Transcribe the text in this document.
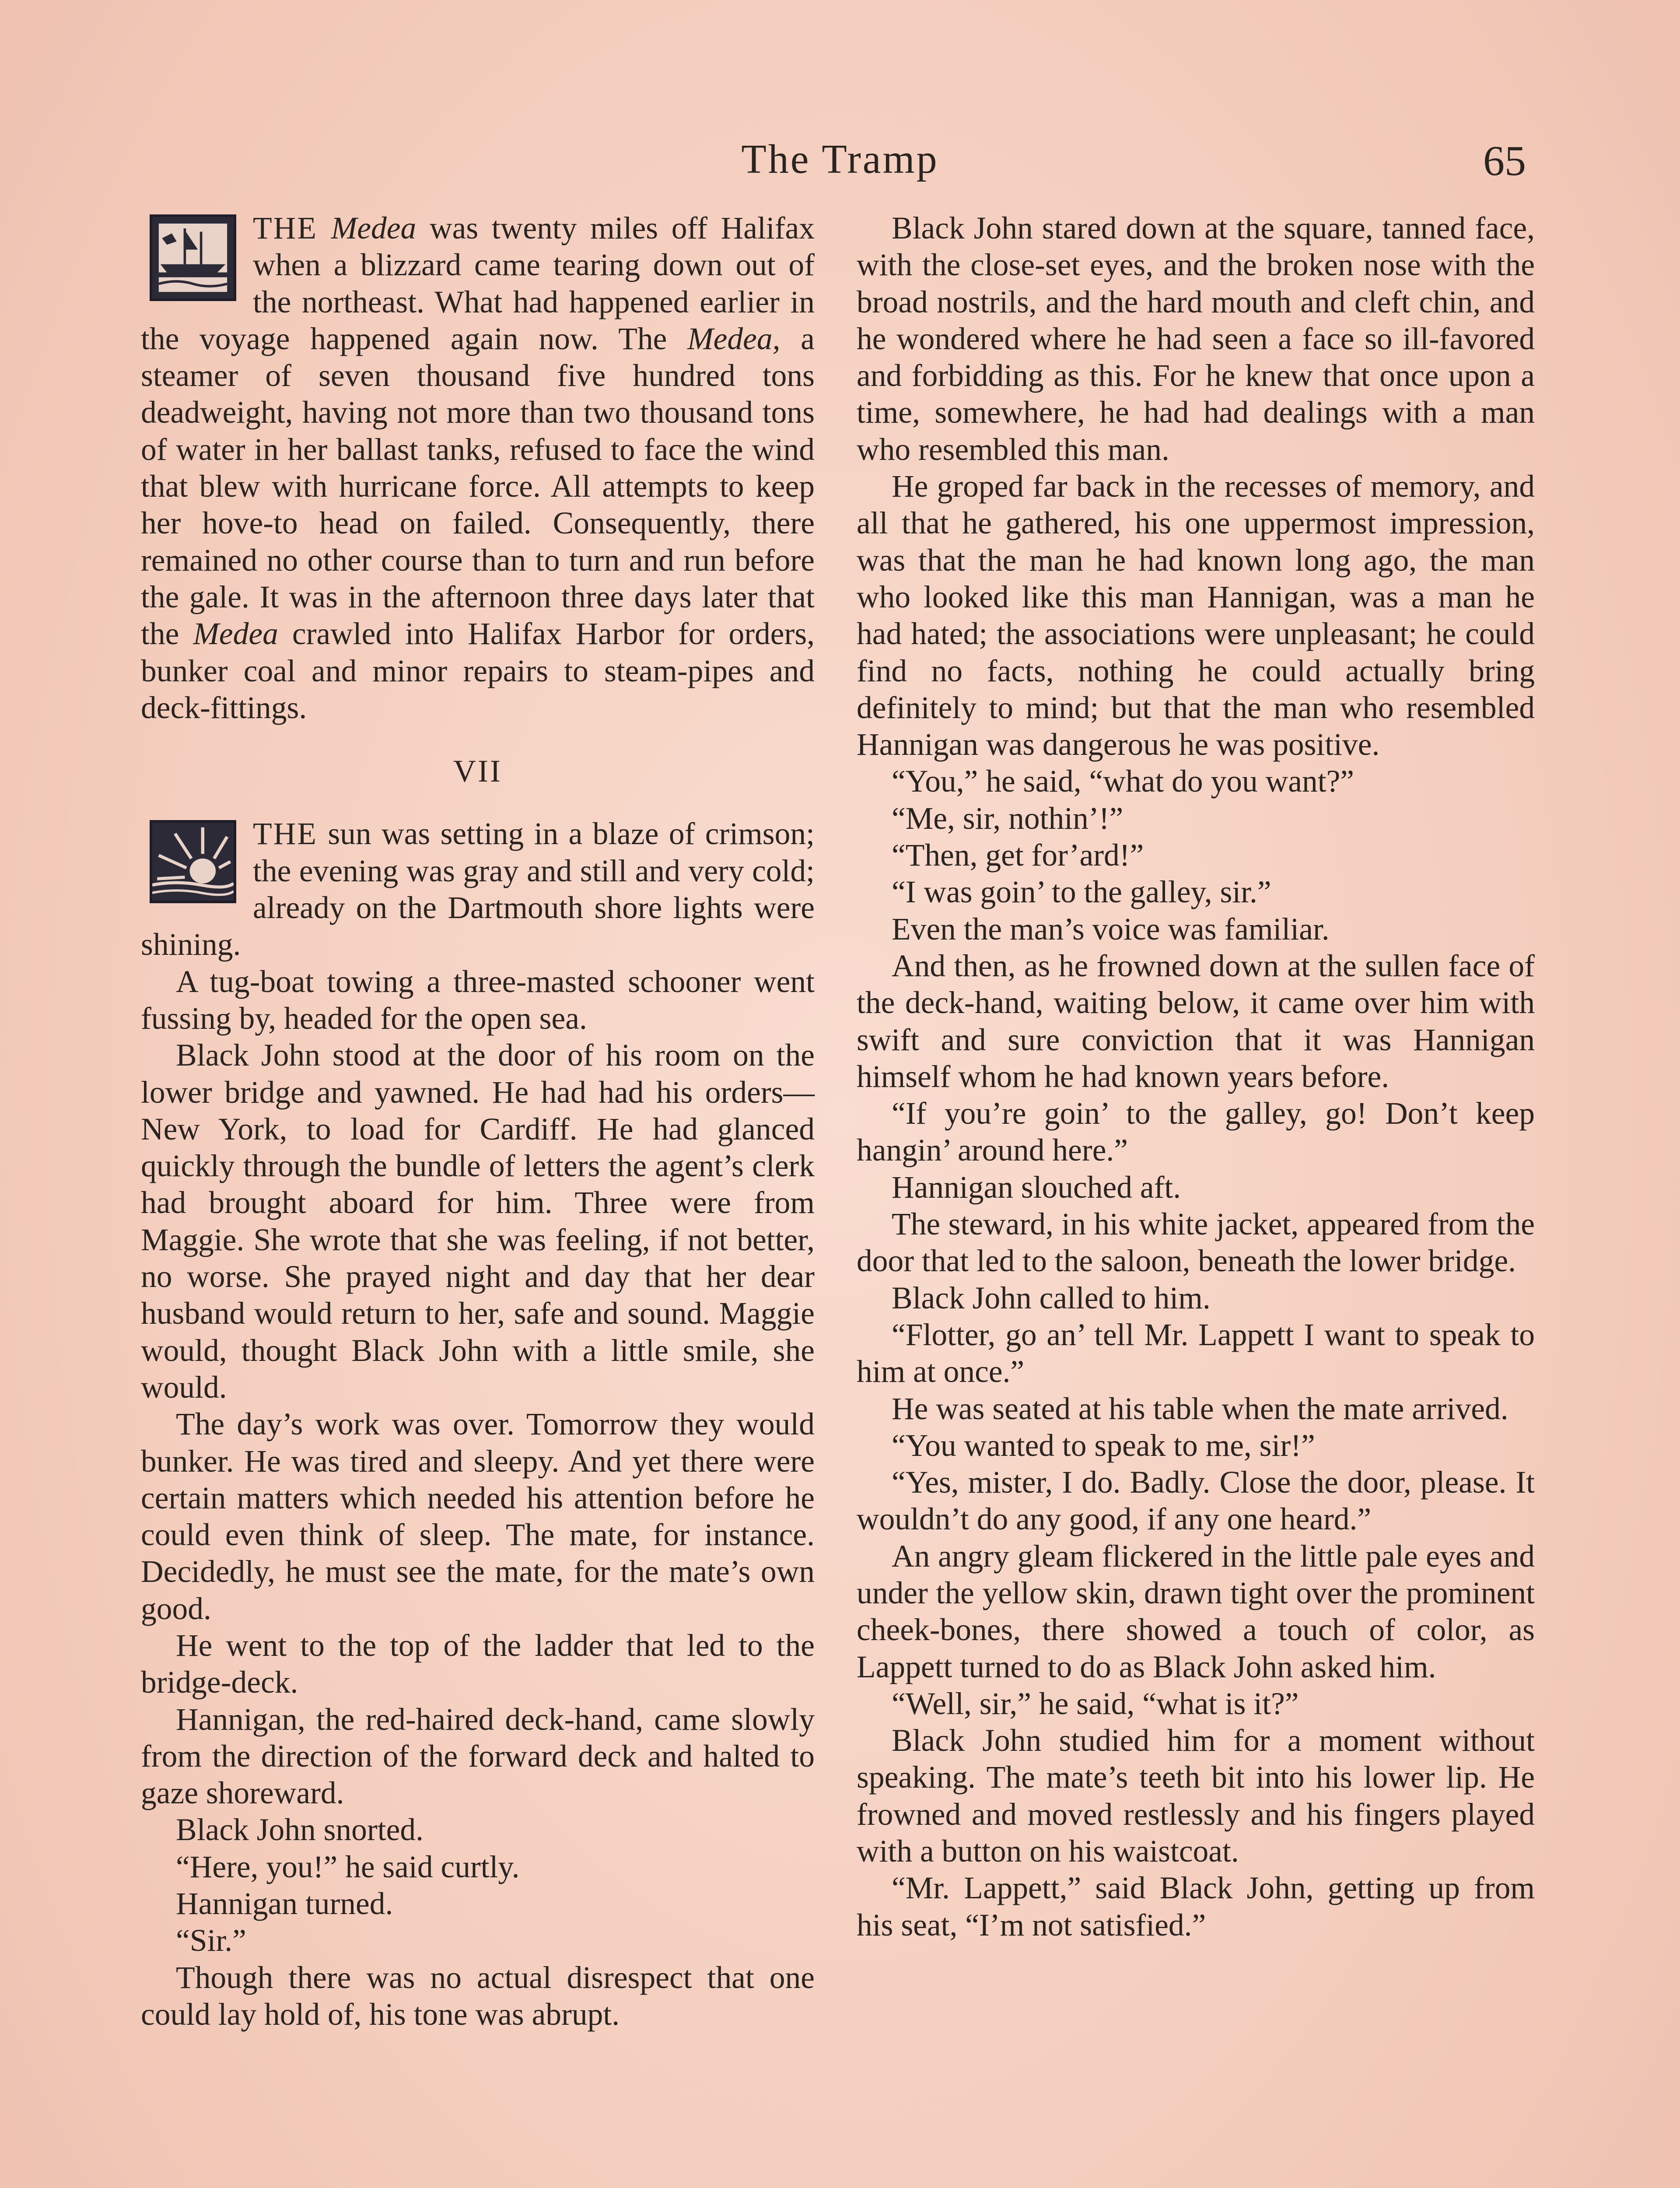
The Tramp	65

THE Medea was twenty miles off Halifax when a blizzard came tearing down out of the northeast. What had happened earlier in the voyage happened again now. The Medea, a steamer of seven thousand five hundred tons deadweight, having not more than two thousand tons of water in her ballast tanks, refused to face the wind that blew with hurricane force. All attempts to keep her hove-to head on failed. Consequently, there remained no other course than to turn and run before the gale. It was in the afternoon three days later that the Medea crawled into Halifax Harbor for orders, bunker coal and minor repairs to steam-pipes and deck-fittings.

VII

THE sun was setting in a blaze of crimson; the evening was gray and still and very cold; already on the Dartmouth shore lights were shining.

A tug-boat towing a three-masted schooner went fussing by, headed for the open sea.

Black John stood at the door of his room on the lower bridge and yawned. He had had his orders—New York, to load for Cardiff. He had glanced quickly through the bundle of letters the agent’s clerk had brought aboard for him. Three were from Maggie. She wrote that she was feeling, if not better, no worse. She prayed night and day that her dear husband would return to her, safe and sound. Maggie would, thought Black John with a little smile, she would.

The day’s work was over. Tomorrow they would bunker. He was tired and sleepy. And yet there were certain matters which needed his attention before he could even think of sleep. The mate, for instance. Decidedly, he must see the mate, for the mate’s own good.

He went to the top of the ladder that led to the bridge-deck.

Hannigan, the red-haired deck-hand, came slowly from the direction of the forward deck and halted to gaze shoreward.

Black John snorted.

“Here, you!” he said curtly.

Hannigan turned.

“Sir.”

Though there was no actual disrespect that one could lay hold of, his tone was abrupt.

Black John stared down at the square, tanned face, with the close-set eyes, and the broken nose with the broad nostrils, and the hard mouth and cleft chin, and he wondered where he had seen a face so ill-favored and forbidding as this. For he knew that once upon a time, somewhere, he had had dealings with a man who resembled this man.

He groped far back in the recesses of memory, and all that he gathered, his one uppermost impression, was that the man he had known long ago, the man who looked like this man Hannigan, was a man he had hated; the associations were unpleasant; he could find no facts, nothing he could actually bring definitely to mind; but that the man who resembled Hannigan was dangerous he was positive.

“You,” he said, “what do you want?”

“Me, sir, nothin’!”

“Then, get for’ard!”

“I was goin’ to the galley, sir.”

Even the man’s voice was familiar.

And then, as he frowned down at the sullen face of the deck-hand, waiting below, it came over him with swift and sure conviction that it was Hannigan himself whom he had known years before.

“If you’re goin’ to the galley, go! Don’t keep hangin’ around here.”

Hannigan slouched aft.

The steward, in his white jacket, appeared from the door that led to the saloon, beneath the lower bridge.

Black John called to him.

“Flotter, go an’ tell Mr. Lappett I want to speak to him at once.”

He was seated at his table when the mate arrived.

“You wanted to speak to me, sir!”

“Yes, mister, I do. Badly. Close the door, please. It wouldn’t do any good, if any one heard.”

An angry gleam flickered in the little pale eyes and under the yellow skin, drawn tight over the prominent cheek-bones, there showed a touch of color, as Lappett turned to do as Black John asked him.

“Well, sir,” he said, “what is it?”

Black John studied him for a moment without speaking. The mate’s teeth bit into his lower lip. He frowned and moved restlessly and his fingers played with a button on his waistcoat.

“Mr. Lappett,” said Black John, getting up from his seat, “I’m not satisfied.”
